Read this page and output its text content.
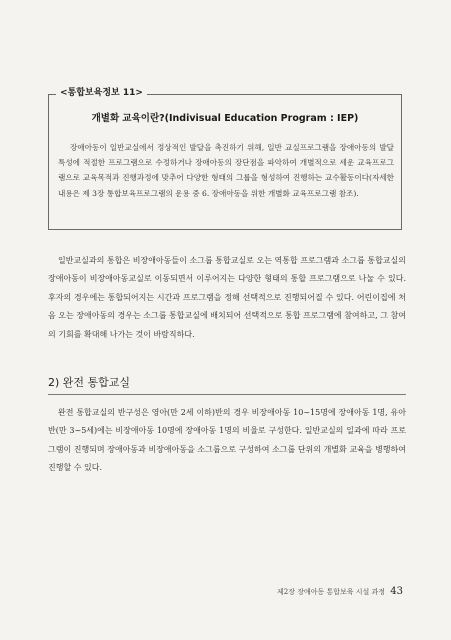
<통합보육정보 11>
개별화 교육이란?(Indivisual Education Program : IEP)
장애아동이 일반교실에서 정상적인 발달을 촉진하기 위해, 일반 교실프로그램을 장애아동의 발달특성에 적절한 프로그램으로 수정하거나 장애아동의 장단점을 파악하여 개별적으로 세운 교육프로그램으로 교육목적과 진행과정에 맞추어 다양한 형태의 그룹을 형성하여 진행하는 교수활동이다(자세한 내용은 제 3장 통합보육프로그램의 운용 중 6. 장애아동을 위한 개별화 교육프로그램 참조).

일반교실과의 통합은 비장애아동들이 소그룹 통합교실로 오는 역통합 프로그램과 소그룹 통합교실의 장애아동이 비장애아동교실로 이동되면서 이루어지는 다양한 형태의 통합 프로그램으로 나눌 수 있다. 후자의 경우에는 통합되어지는 시간과 프로그램을 정해 선택적으로 진행되어질 수 있다. 어린이집에 처음 오는 장애아동의 경우는 소그룹 통합교실에 배치되어 선택적으로 통합 프로그램에 참여하고, 그 참여의 기회를 확대해 나가는 것이 바람직하다.

2) 완전 통합교실

완전 통합교실의 반구성은 영아(만 2세 이하)반의 경우 비장애아동 10~15명에 장애아동 1명, 유아반(만 3~5세)에는 비장애아동 10명에 장애아동 1명의 비율로 구성한다. 일반교실의 일과에 따라 프로그램이 진행되며 장애아동과 비장애아동을 소그룹으로 구성하여 소그룹 단위의 개별화 교육을 병행하여 진행할 수 있다.

제2장 장애아동 통합보육 시설 과정 43
